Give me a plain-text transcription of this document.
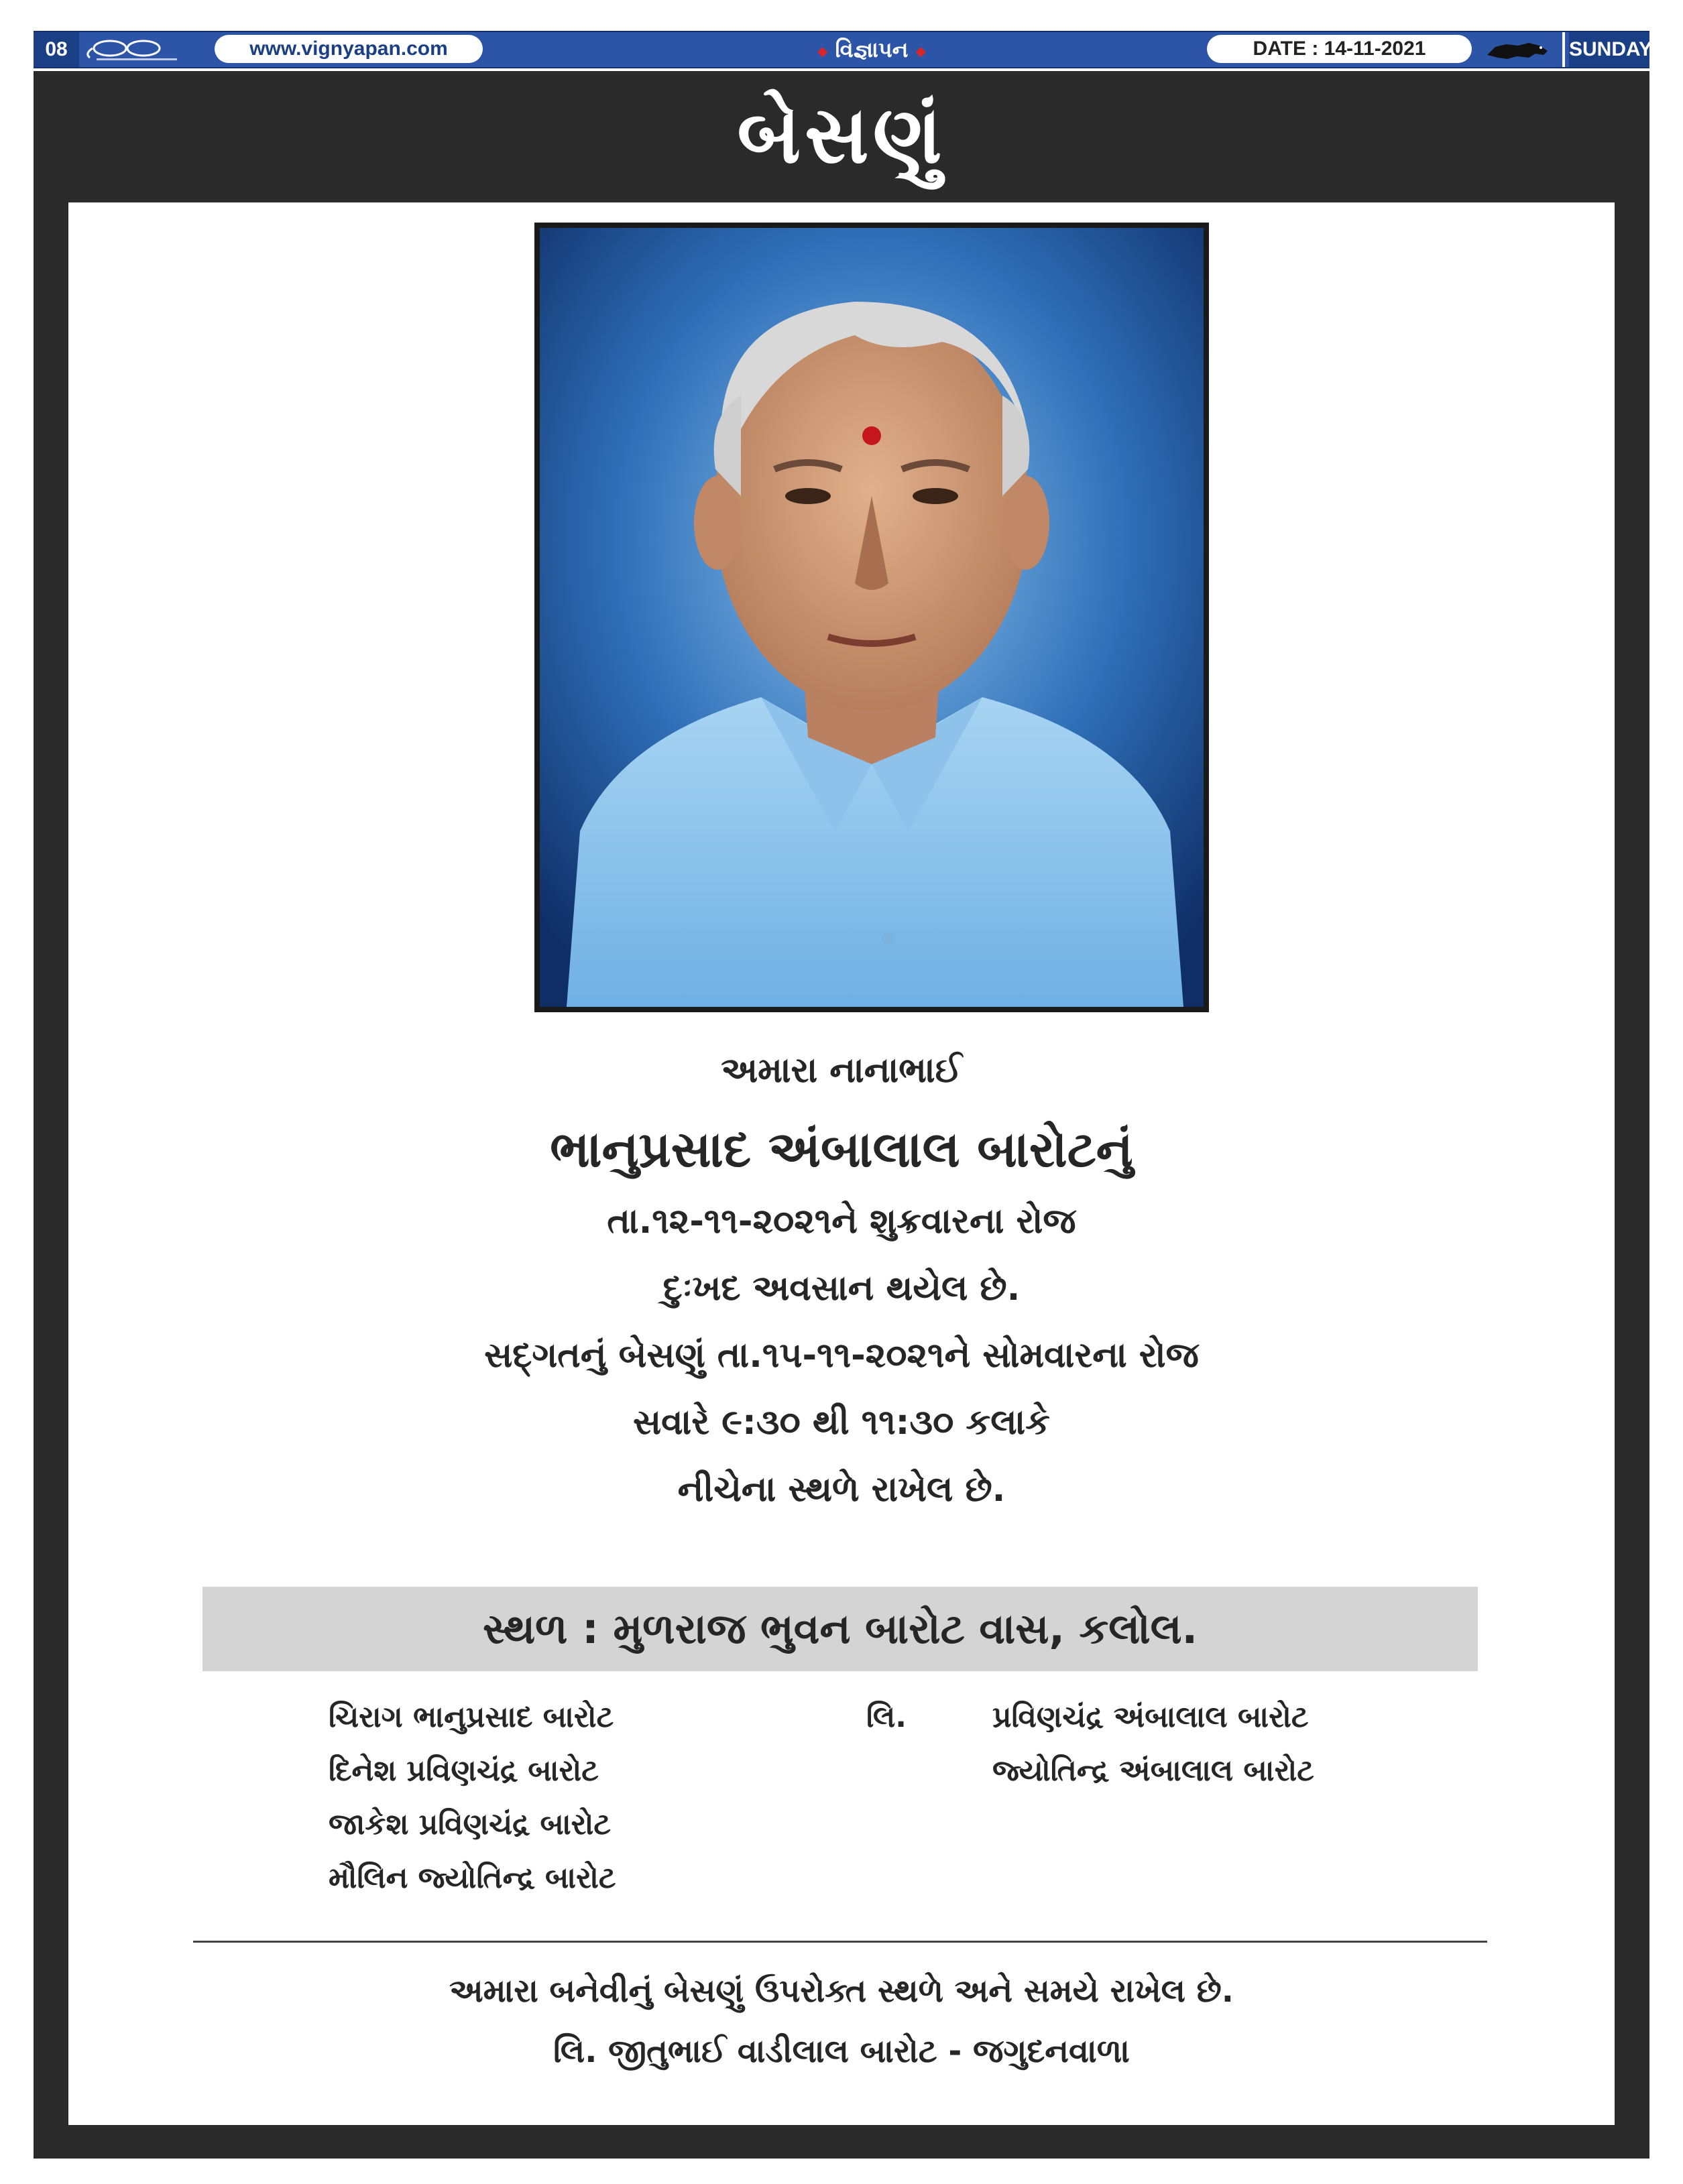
08	www.vignyapan.com	◆ વિજ્ઞાપન ◆	DATE : 14-11-2021	SUNDAY
બેસણું
અમારા નાનાભાઈ
ભાનુપ્રસાદ અંબાલાલ બારોટનું
તા.૧૨-૧૧-૨૦૨૧ને શુક્રવારના રોજ
દુઃખદ અવસાન થયેલ છે.
સદ્ગતનું બેસણું તા.૧૫-૧૧-૨૦૨૧ને સોમવારના રોજ
સવારે ૯:૩૦ થી ૧૧:૩૦ કલાકે
નીચેના સ્થળે રાખેલ છે.
સ્થળ : મુળરાજ ભુવન બારોટ વાસ, કલોલ.
ચિરાગ ભાનુપ્રસાદ બારોટ
દિનેશ પ્રવિણચંદ્ર બારોટ
જાકેશ પ્રવિણચંદ્ર બારોટ
મૌલિન જ્યોતિન્દ્ર બારોટ
લિ.	પ્રવિણચંદ્ર અંબાલાલ બારોટ
જ્યોતિન્દ્ર અંબાલાલ બારોટ
અમારા બનેવીનું બેસણું ઉપરોક્ત સ્થળે અને સમયે રાખેલ છે.
લિ. જીતુભાઈ વાડીલાલ બારોટ - જગુદનવાળા
